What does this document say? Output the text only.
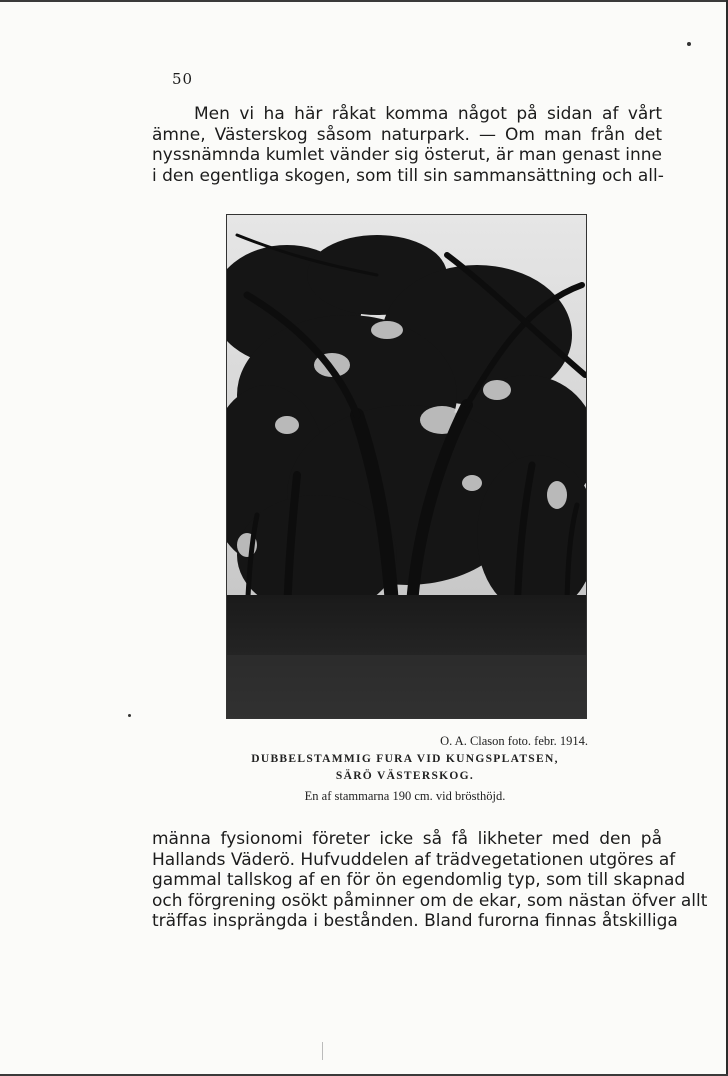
50

Men vi ha här råkat komma något på sidan af vårt
ämne, Västerskog såsom naturpark. — Om man från det
nyssnämnda kumlet vänder sig österut, är man genast inne
i den egentliga skogen, som till sin sammansättning och all-

O. A. Clason foto. febr. 1914.
DUBBELSTAMMIG FURA VID KUNGSPLATSEN,
SÄRÖ VÄSTERSKOG.
En af stammarna 190 cm. vid brösthöjd.

männa fysionomi företer icke så få likheter med den på
Hallands Väderö. Hufvuddelen af trädvegetationen utgöres af
gammal tallskog af en för ön egendomlig typ, som till skapnad
och förgrening osökt påminner om de ekar, som nästan öfver allt
träffas insprängda i bestånden. Bland furorna finnas åtskilliga
